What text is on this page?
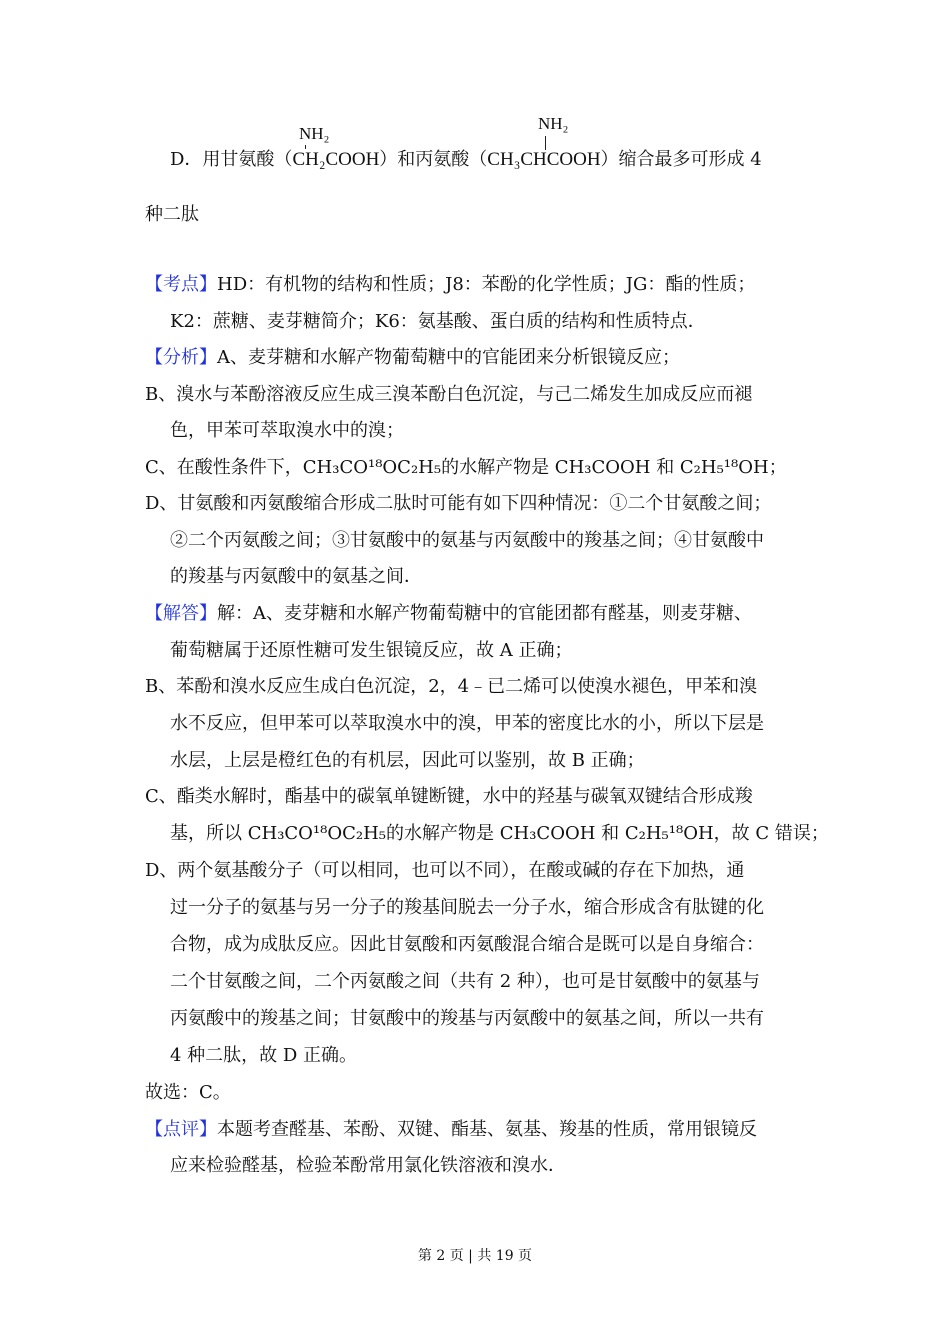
NH₂
NH₂
D．用甘氨酸（CH₂COOH）和丙氨酸（CH₃CHCOOH）缩合最多可形成 4
种二肽
【考点】HD：有机物的结构和性质；J8：苯酚的化学性质；JG：酯的性质；
K2：蔗糖、麦芽糖简介；K6：氨基酸、蛋白质的结构和性质特点．
【分析】A、麦芽糖和水解产物葡萄糖中的官能团来分析银镜反应；
B、溴水与苯酚溶液反应生成三溴苯酚白色沉淀，与己二烯发生加成反应而褪
色，甲苯可萃取溴水中的溴；
C、在酸性条件下，CH₃CO¹⁸OC₂H₅的水解产物是 CH₃COOH 和 C₂H₅¹⁸OH；
D、甘氨酸和丙氨酸缩合形成二肽时可能有如下四种情况：①二个甘氨酸之间；
②二个丙氨酸之间；③甘氨酸中的氨基与丙氨酸中的羧基之间；④甘氨酸中
的羧基与丙氨酸中的氨基之间．
【解答】解：A、麦芽糖和水解产物葡萄糖中的官能团都有醛基，则麦芽糖、
葡萄糖属于还原性糖可发生银镜反应，故 A 正确；
B、苯酚和溴水反应生成白色沉淀，2，4﹣已二烯可以使溴水褪色，甲苯和溴
水不反应，但甲苯可以萃取溴水中的溴，甲苯的密度比水的小，所以下层是
水层，上层是橙红色的有机层，因此可以鉴别，故 B 正确；
C、酯类水解时，酯基中的碳氧单键断键，水中的羟基与碳氧双键结合形成羧
基，所以 CH₃CO¹⁸OC₂H₅的水解产物是 CH₃COOH 和 C₂H₅¹⁸OH，故 C 错误；
D、两个氨基酸分子（可以相同，也可以不同），在酸或碱的存在下加热，通
过一分子的氨基与另一分子的羧基间脱去一分子水，缩合形成含有肽键的化
合物，成为成肽反应。因此甘氨酸和丙氨酸混合缩合是既可以是自身缩合：
二个甘氨酸之间，二个丙氨酸之间（共有 2 种），也可是甘氨酸中的氨基与
丙氨酸中的羧基之间；甘氨酸中的羧基与丙氨酸中的氨基之间，所以一共有
4 种二肽，故 D 正确。
故选：C。
【点评】本题考查醛基、苯酚、双键、酯基、氨基、羧基的性质，常用银镜反
应来检验醛基，检验苯酚常用氯化铁溶液和溴水．
第 2 页 | 共 19 页
